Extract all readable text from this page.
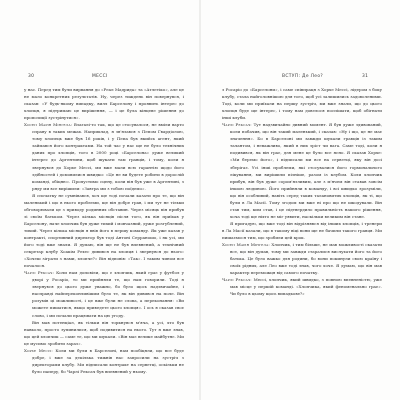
30	МЕССІ

у нас. Перед тим були вирвання до «Реал Мадрида» та «Атлетіко», але це не мало конкретних результатів. Ну, через тиждень він повернувся, і сказав: «У будь-якому випадку, вилл Барселону і проявить інтерес до хлопця, я підтримаю це вирішення, — і це була кінцеве рішення до пропозиції зустрінутися».

Хосеп Марія Мінгела: Взагалі-то так, що це стосувалося, не вміли варто справу в таких межах. Наприклад, я зв'язався з Пепом Гвардіолою, тому хлопець вже був 16 років, і у Пепа був якийсь агент, який займався його контрактами. На той час у нас ще не було технічних даних про хлопців, того в 2000 році «Барселона» дуже великий інтерес до Аргентини, щоб шукати там гравців, і тому, коли я звернувся до Хорхе Мессі, ми вже мали всю гарантію щодо його здібностей і домовилися швидко: «Це не ви будете робити в дорослій команді, обіцяю». Пропустимо сцену, коли він був уже в Аргентині, з ряду ми все вирішили: «Завтра ми з тобою поїдемо».

Я спочатку не сумнівався, хоч ще тоді почали казати про те, що він маленький і що в нього проблеми, ще він добре грав, і ми тут не тільки обговорювали це з приводу родинних обставин. Через місяць він прибув зі своїм батьком. Через кілька місяців після того, як він приїхав у Барселону, наче хлопчик був дуже тихий і мовчазний, дуже розгублений, тихий. Через кілька місяців я ввів його в першу команду. Як уже казав у контракті, спортивний директор був тоді Антоні Серраношо, і як усі, ми його тоді вже знали. Я думаю, він ще не був впевнений, а технічний секретар клубу Хоакім Рехес дивився на хлопця і звернувся до нього: «Хочеш зіграти з нами, хлопче?» Він відповів: «Так». І таким чином все почалося.

Чарлі Рексач: Коли нам доповіли, що є хлопчик, який грає у футбол у дворі у Росаріо, то ми прийняли те, що нам говорили. Тоді я звернувся до цього дуже уважно, бо було щось надзвичайне, і насправді найпереконливішим було те, як він дивився на поле. Він розумів ці можливості, і це вже були не слова, а переконання: «Ви можете пишатися, якщо приведете цього хлопця». І ось я сказав своє слово, і ми почали працювати на цю угоду.

Він мав потенціал, як тільки він торкнувся м'яча, а усі, хто був навколо, просто зупинилися, щоб подивитися на нього. Тут я вже знав, що цей хлопчик — саме те, що ми шукали. «Він має велике майбутнє. Ми це мусимо зробити зараз».

Хорхе Мессі: Коли ми були в Барселоні, нам пообіцяли, що все буде добре, і вже за декілька тижнів нас запросили на зустріч з директорами клубу. Ми підписали контракт на серветці, оскільки не було паперу, бо Чарлі Рексач був впевнений у ньому.

ВСТУП: Де Лео?	31

з Росаріо до «Барселони», і саме співпраця з Хорхе Мессі, лідером з боку клубу, стала найголовнішою для того, щоб усі залишились задоволеними. Тоді, коли ми приїхали на першу зустріч, ми вже знали, що до цього хлопця буде ще інтерес, і тому нам довелося поспішати, щоб обігнати інші клуби.

Чарлі Рексач: Тут надзвичайно дивний момент. Я був дуже здивований, коли побачив, що він такий маленький, і сказав: «Ну і що, це не має значення». Бо в Барселоні ми завжди шукали гравців із таким талантом, і неважливо, який в них зріст чи вага. Саме тоді, коли я подивився, як він грає, для мене це було все ясно. Я сказав Хорхе: «Ми беремо його», і підписали ми все на серветці, яку він досі зберігає. Усі інші проблеми, які стосувалися його гормонального лікування, ми вирішили пізніше, разом із клубом. Коли хлопчик прибув, він був дуже сором'язливим, але з м'ячем він ставав зовсім іншою людиною. Його прийняли в команду, і всі швидко зрозуміли, що він особливий, навіть серед таких талановитих хлопців, як ті, що були в Ла Масії. Тому згодом ми вже ні про що не шкодували. Він став тим, ким став, і це підтвердило правильність нашого рішення, хоча тоді ще ніхто не міг уявити, наскільки великим він стане.

Я пригадую, що вже тоді він відрізнявся від інших хлопців, і тренери в Ла Масії казали, що в такому віці вони ще не бачили такого гравця. Ми пишаємося тим, що зробили цей крок.

Хосеп Марія Мінгела: Хлопчик, і тим більше, не мав можливості сказати все, що він думав, тому ми завжди старалися вислухати його та його батька. Це було важко для родини, бо вони покинули свою країну і своїх рідних, але Лео вже тоді знав, чого хоче. Я думаю, що він мав характер переможця від самого початку.

Чарлі Рексач: Мессі, хлопчик, який швидко, з повною впевненістю, уже мав місце у першій команді. «Хлопчика, який феноменально грає». Чи було в цьому щось випадкове?»
